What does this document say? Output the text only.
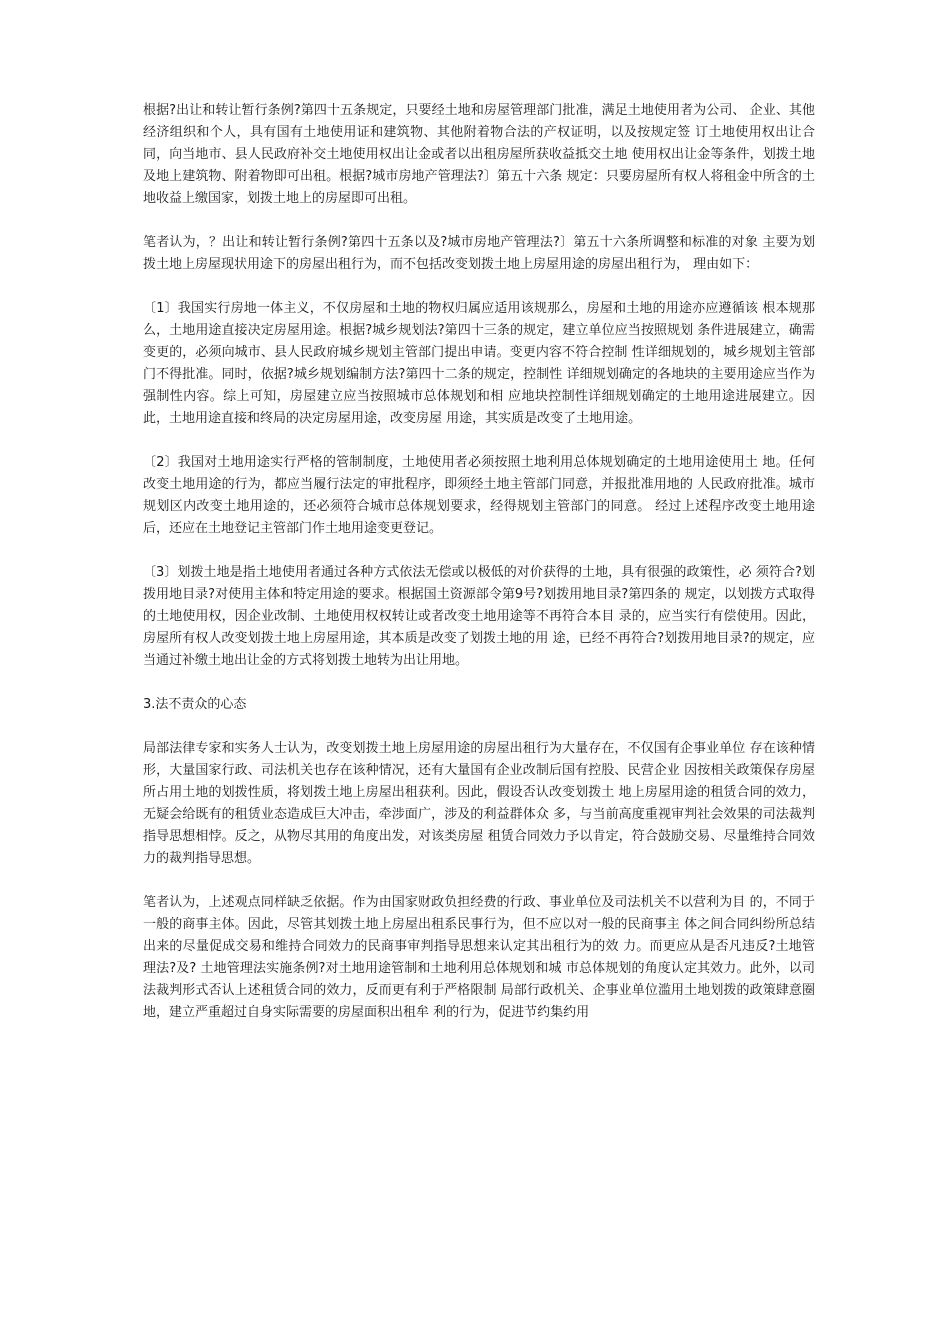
根据?出让和转让暂行条例?第四十五条规定，只要经土地和房屋管理部门批准，满足土地使用者为公司、 企业、其他经济组织和个人，具有国有土地使用证和建筑物、其他附着物合法的产权证明，以及按规定签 订土地使用权出让合同，向当地市、县人民政府补交土地使用权出让金或者以出租房屋所获收益抵交土地 使用权出让金等条件，划拨土地及地上建筑物、附着物即可出租。根据?城市房地产管理法?〕第五十六条 规定：只要房屋所有权人将租金中所含的土地收益上缴国家，划拨土地上的房屋即可出租。

笔者认为，？出让和转让暂行条例?第四十五条以及?城市房地产管理法?〕第五十六条所调整和标准的对象 主要为划拨土地上房屋现状用途下的房屋出租行为，而不包括改变划拨土地上房屋用途的房屋出租行为， 理由如下：

〔1〕我国实行房地一体主义，不仅房屋和土地的物权归属应适用该规那么，房屋和土地的用途亦应遵循该 根本规那么，土地用途直接决定房屋用途。根据?城乡规划法?第四十三条的规定，建立单位应当按照规划 条件进展建立，确需变更的，必须向城市、县人民政府城乡规划主管部门提出申请。变更内容不符合控制 性详细规划的，城乡规划主管部门不得批准。同时，依据?城乡规划编制方法?第四十二条的规定，控制性 详细规划确定的各地块的主要用途应当作为强制性内容。综上可知，房屋建立应当按照城市总体规划和相 应地块控制性详细规划确定的土地用途进展建立。因此，土地用途直接和终局的决定房屋用途，改变房屋 用途，其实质是改变了土地用途。

〔2〕我国对土地用途实行严格的管制制度，土地使用者必须按照土地利用总体规划确定的土地用途使用土 地。任何改变土地用途的行为，都应当履行法定的审批程序，即须经土地主管部门同意，并报批准用地的 人民政府批准。城市规划区内改变土地用途的，还必须符合城市总体规划要求，经得规划主管部门的同意。 经过上述程序改变土地用途后，还应在土地登记主管部门作土地用途变更登记。

〔3〕划拨土地是指土地使用者通过各种方式依法无偿或以极低的对价获得的土地，具有很强的政策性，必 须符合?划拨用地目录?对使用主体和特定用途的要求。根据国土资源部令第9号?划拨用地目录?第四条的 规定，以划拨方式取得的土地使用权，因企业改制、土地使用权权转让或者改变土地用途等不再符合本目 录的，应当实行有偿使用。因此，房屋所有权人改变划拨土地上房屋用途，其本质是改变了划拨土地的用 途，已经不再符合?划拨用地目录?的规定，应当通过补缴土地出让金的方式将划拨土地转为出让用地。

3.法不责众的心态

局部法律专家和实务人士认为，改变划拨土地上房屋用途的房屋出租行为大量存在，不仅国有企事业单位 存在该种情形，大量国家行政、司法机关也存在该种情况，还有大量国有企业改制后国有控股、民营企业 因按相关政策保存房屋所占用土地的划拨性质，将划拨土地上房屋出租获利。因此，假设否认改变划拨土 地上房屋用途的租赁合同的效力，无疑会给既有的租赁业态造成巨大冲击，牵涉面广，涉及的利益群体众 多，与当前高度重视审判社会效果的司法裁判指导思想相悖。反之，从物尽其用的角度出发，对该类房屋 租赁合同效力予以肯定，符合鼓励交易、尽量维持合同效力的裁判指导思想。

笔者认为，上述观点同样缺乏依据。作为由国家财政负担经费的行政、事业单位及司法机关不以营利为目 的，不同于一般的商事主体。因此，尽管其划拨土地上房屋出租系民事行为，但不应以对一般的民商事主 体之间合同纠纷所总结出来的尽量促成交易和维持合同效力的民商事审判指导思想来认定其出租行为的效 力。而更应从是否凡违反?土地管理法?及? 土地管理法实施条例?对土地用途管制和土地利用总体规划和城 市总体规划的角度认定其效力。此外，以司法裁判形式否认上述租赁合同的效力，反而更有利于严格限制 局部行政机关、企事业单位滥用土地划拨的政策肆意圈地，建立严重超过自身实际需要的房屋面积出租牟 利的行为，促进节约集约用
